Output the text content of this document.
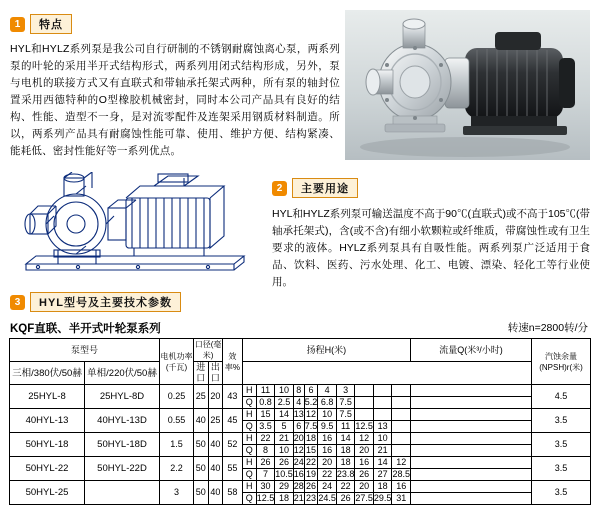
1	特点
HYL和HYLZ系列泵是我公司自行研制的不锈钢耐腐蚀离心泵，两系列泵的叶轮的采用半开式结构形式，两系列用闭式结构形成，另外，泵与电机的联接方式又有直联式和带轴承托架式两种，所有泵的轴封位置采用西德特种的O型橡胶机械密封，同时本公司产品具有良好的结构、性能、造型不一身，是对流零配件及连架采用钢质材料制造。所以，两系列产品具有耐腐蚀性能可靠、使用、维护方便、结构紧凑、能耗低、密封性能好等一系列优点。
2	主要用途
HYL和HYLZ系列泵可输送温度不高于90℃(直联式)或不高于105℃(带轴承托架式)，含(或不含)有细小软颗粒或纤维质，带腐蚀性或有卫生要求的液体。HYLZ系列泵具有自吸性能。两系列泵广泛适用于食品、饮料、医药、污水处理、化工、电镀、漂染、轻化工等行业使用。
3	HYL型号及主要技术参数
KQF直联、半开式叶轮泵系列	转速n=2800转/分
泵型号		电机功率(千瓦)	口径(毫米)		效率%	扬程H(米)										流量Q(米³/小时)	汽蚀余量(NPSH)r(米)
三相/380伏/50赫	单相/220伏/50赫		进口	出口													
25HYL-8	25HYL-8D	0.25	25	20	43	H	11	10	8	6	4	3					4.5
						Q	0.8	2.5	4	5.2	6.8	7.5					
40HYL-13	40HYL-13D	0.55	40	25	45	H	15	14	13	12	10	7.5					3.5
						Q	3.5	5	6	7.5	9.5	11	12.5	13			
50HYL-18	50HYL-18D	1.5	50	40	52	H	22	21	20	18	16	14	12	10			3.5
						Q	8	10	12	15	16	18	20	21			
50HYL-22	50HYL-22D	2.2	50	40	55	H	26	26	24	22	20	18	16	14	12		3.5
						Q	7	10.5	16	19	22	23.8	26	27	28.5		
50HYL-25		3	50	40	58	H	30	29	28	26	24	22	20	18	16		3.5
						Q	12.5	18	21	23	24.5	26	27.5	29.5	31		
